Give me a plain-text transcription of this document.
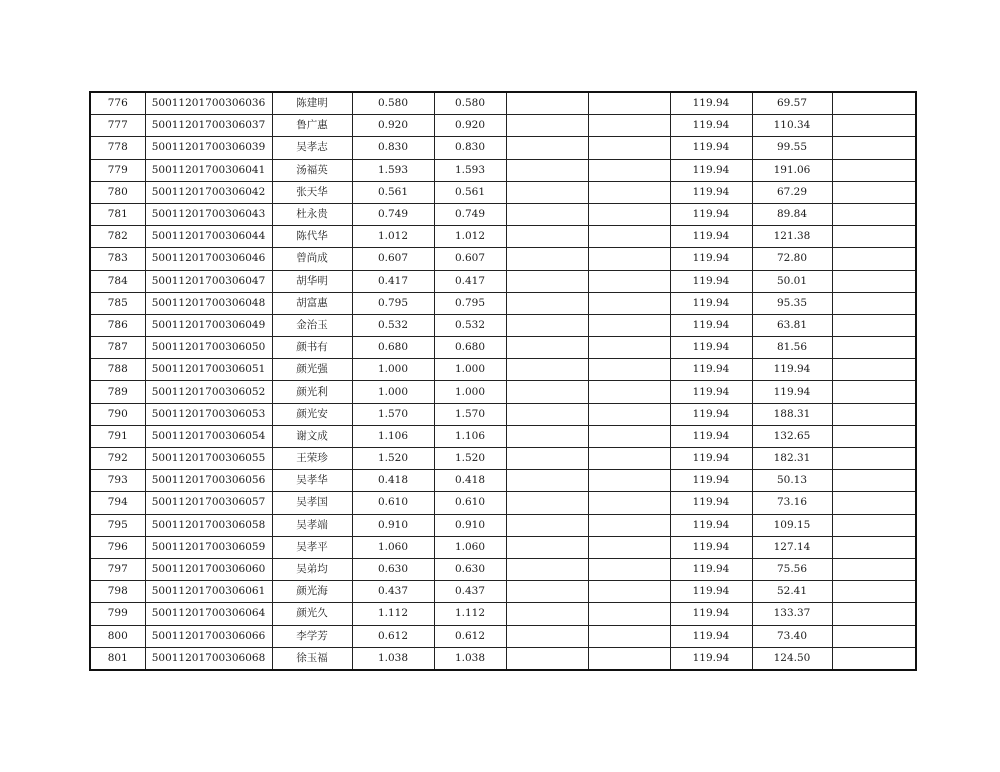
776	50011201700306036	陈建明	0.580	0.580			119.94	69.57	
777	50011201700306037	鲁广惠	0.920	0.920			119.94	110.34	
778	50011201700306039	吴孝志	0.830	0.830			119.94	99.55	
779	50011201700306041	汤福英	1.593	1.593			119.94	191.06	
780	50011201700306042	张天华	0.561	0.561			119.94	67.29	
781	50011201700306043	杜永贵	0.749	0.749			119.94	89.84	
782	50011201700306044	陈代华	1.012	1.012			119.94	121.38	
783	50011201700306046	曾尚成	0.607	0.607			119.94	72.80	
784	50011201700306047	胡华明	0.417	0.417			119.94	50.01	
785	50011201700306048	胡富惠	0.795	0.795			119.94	95.35	
786	50011201700306049	金治玉	0.532	0.532			119.94	63.81	
787	50011201700306050	颜书有	0.680	0.680			119.94	81.56	
788	50011201700306051	颜光强	1.000	1.000			119.94	119.94	
789	50011201700306052	颜光利	1.000	1.000			119.94	119.94	
790	50011201700306053	颜光安	1.570	1.570			119.94	188.31	
791	50011201700306054	谢文成	1.106	1.106			119.94	132.65	
792	50011201700306055	王荣珍	1.520	1.520			119.94	182.31	
793	50011201700306056	吴孝华	0.418	0.418			119.94	50.13	
794	50011201700306057	吴孝国	0.610	0.610			119.94	73.16	
795	50011201700306058	吴孝端	0.910	0.910			119.94	109.15	
796	50011201700306059	吴孝平	1.060	1.060			119.94	127.14	
797	50011201700306060	吴弟均	0.630	0.630			119.94	75.56	
798	50011201700306061	颜光海	0.437	0.437			119.94	52.41	
799	50011201700306064	颜光久	1.112	1.112			119.94	133.37	
800	50011201700306066	李学芳	0.612	0.612			119.94	73.40	
801	50011201700306068	徐玉福	1.038	1.038			119.94	124.50	
